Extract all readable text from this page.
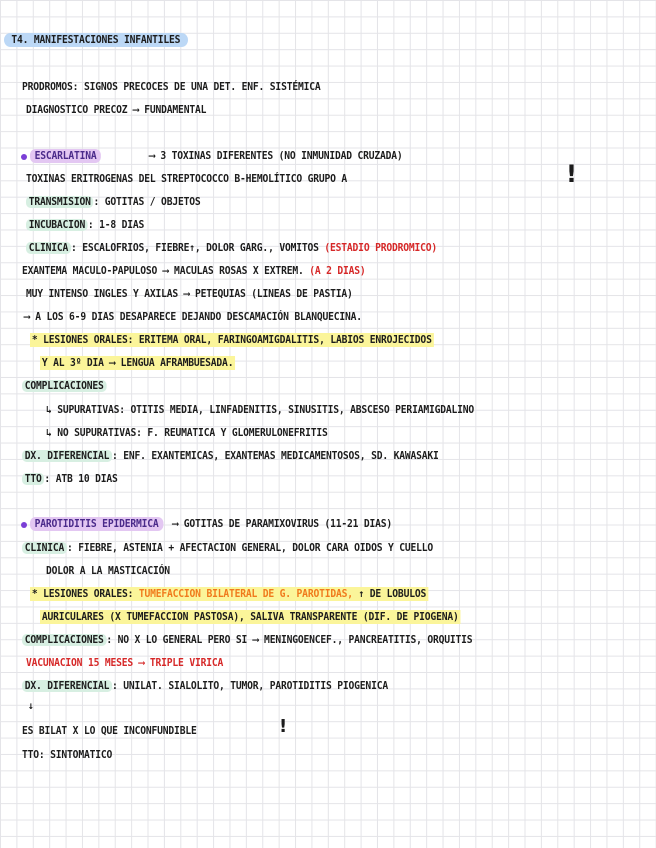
T4. MANIFESTACIONES INFANTILES
PRODROMOS: SIGNOS PRECOCES DE UNA DET. ENF. SISTÉMICA
DIAGNOSTICO PRECOZ ⟶ FUNDAMENTAL
ESCARLATINA	⟶ 3 TOXINAS DIFERENTES (NO INMUNIDAD CRUZADA)
TOXINAS ERITROGENAS DEL STREPTOCOCCO Β-HEMOLÍTICO GRUPO A	!
TRANSMISION : GOTITAS / OBJETOS
INCUBACION : 1-8 DIAS
CLINICA : ESCALOFRIOS, FIEBRE↑, DOLOR GARG., VOMITOS (ESTADIO PRODROMICO)
EXANTEMA MACULO-PAPULOSO ⟶ MACULAS ROSAS X EXTREM. (A 2 DIAS)
MUY INTENSO INGLES Y AXILAS ⟶ PETEQUIAS (LINEAS DE PASTIA)
⟶ A LOS 6-9 DIAS DESAPARECE DEJANDO DESCAMACIÓN BLANQUECINA.
* LESIONES ORALES: ERITEMA ORAL, FARINGOAMIGDALITIS, LABIOS ENROJECIDOS
Y AL 3º DIA ⟶ LENGUA AFRAMBUESADA.
COMPLICACIONES
↳ SUPURATIVAS: OTITIS MEDIA, LINFADENITIS, SINUSITIS, ABSCESO PERIAMIGDALINO
↳ NO SUPURATIVAS: F. REUMATICA Y GLOMERULONEFRITIS
DX. DIFERENCIAL : ENF. EXANTEMICAS, EXANTEMAS MEDICAMENTOSOS, SD. KAWASAKI
TTO : ATB 10 DIAS
PAROTIDITIS EPIDERMICA ⟶ GOTITAS DE PARAMIXOVIRUS (11-21 DIAS)
CLINICA : FIEBRE, ASTENIA + AFECTACION GENERAL, DOLOR CARA OIDOS Y CUELLO
DOLOR A LA MASTICACIÓN
* LESIONES ORALES: TUMEFACCION BILATERAL DE G. PAROTIDAS, ↑ DE LOBULOS
AURICULARES (X TUMEFACCION PASTOSA), SALIVA TRANSPARENTE (DIF. DE PIOGENA)
COMPLICACIONES : NO X LO GENERAL PERO SI ⟶ MENINGOENCEF., PANCREATITIS, ORQUITIS
VACUNACION 15 MESES ⟶ TRIPLE VIRICA
DX. DIFERENCIAL : UNILAT. SIALOLITO, TUMOR, PAROTIDITIS PIOGENICA
↓
ES BILAT X LO QUE INCONFUNDIBLE	!
TTO: SINTOMATICO
